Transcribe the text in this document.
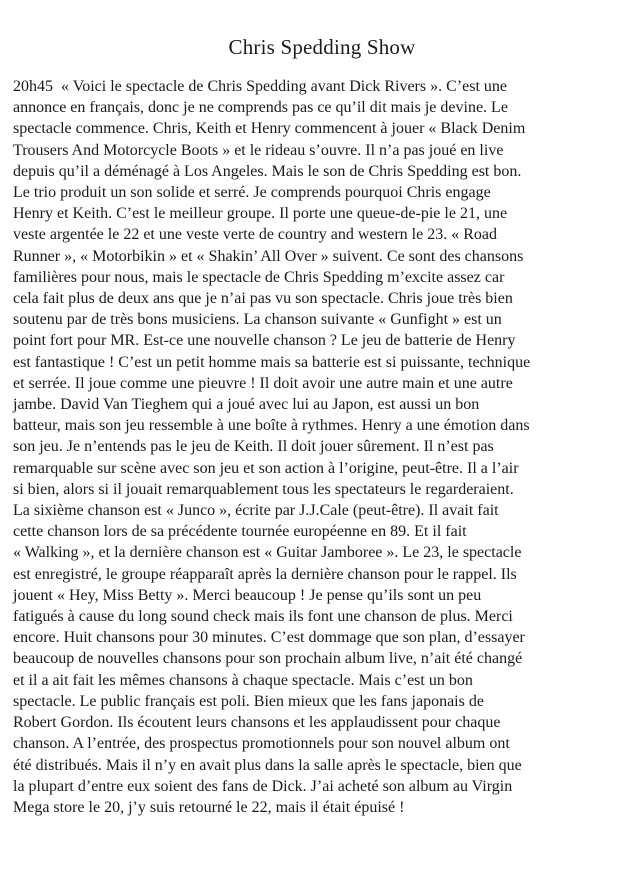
Chris Spedding Show
20h45  « Voici le spectacle de Chris Spedding avant Dick Rivers ». C’est une
annonce en français, donc je ne comprends pas ce qu’il dit mais je devine. Le
spectacle commence. Chris, Keith et Henry commencent à jouer « Black Denim
Trousers And Motorcycle Boots » et le rideau s’ouvre. Il n’a pas joué en live
depuis qu’il a déménagé à Los Angeles. Mais le son de Chris Spedding est bon.
Le trio produit un son solide et serré. Je comprends pourquoi Chris engage
Henry et Keith. C’est le meilleur groupe. Il porte une queue-de-pie le 21, une
veste argentée le 22 et une veste verte de country and western le 23. « Road
Runner », « Motorbikin » et « Shakin’ All Over » suivent. Ce sont des chansons
familières pour nous, mais le spectacle de Chris Spedding m’excite assez car
cela fait plus de deux ans que je n’ai pas vu son spectacle. Chris joue très bien
soutenu par de très bons musiciens. La chanson suivante « Gunfight » est un
point fort pour MR. Est-ce une nouvelle chanson ? Le jeu de batterie de Henry
est fantastique ! C’est un petit homme mais sa batterie est si puissante, technique
et serrée. Il joue comme une pieuvre ! Il doit avoir une autre main et une autre
jambe. David Van Tieghem qui a joué avec lui au Japon, est aussi un bon
batteur, mais son jeu ressemble à une boîte à rythmes. Henry a une émotion dans
son jeu. Je n’entends pas le jeu de Keith. Il doit jouer sûrement. Il n’est pas
remarquable sur scène avec son jeu et son action à l’origine, peut-être. Il a l’air
si bien, alors si il jouait remarquablement tous les spectateurs le regarderaient.
La sixième chanson est « Junco », écrite par J.J.Cale (peut-être). Il avait fait
cette chanson lors de sa précédente tournée européenne en 89. Et il fait
« Walking », et la dernière chanson est « Guitar Jamboree ». Le 23, le spectacle
est enregistré, le groupe réapparaît après la dernière chanson pour le rappel. Ils
jouent « Hey, Miss Betty ». Merci beaucoup ! Je pense qu’ils sont un peu
fatigués à cause du long sound check mais ils font une chanson de plus. Merci
encore. Huit chansons pour 30 minutes. C’est dommage que son plan, d’essayer
beaucoup de nouvelles chansons pour son prochain album live, n’ait été changé
et il a ait fait les mêmes chansons à chaque spectacle. Mais c’est un bon
spectacle. Le public français est poli. Bien mieux que les fans japonais de
Robert Gordon. Ils écoutent leurs chansons et les applaudissent pour chaque
chanson. A l’entrée, des prospectus promotionnels pour son nouvel album ont
été distribués. Mais il n’y en avait plus dans la salle après le spectacle, bien que
la plupart d’entre eux soient des fans de Dick. J’ai acheté son album au Virgin
Mega store le 20, j’y suis retourné le 22, mais il était épuisé !
